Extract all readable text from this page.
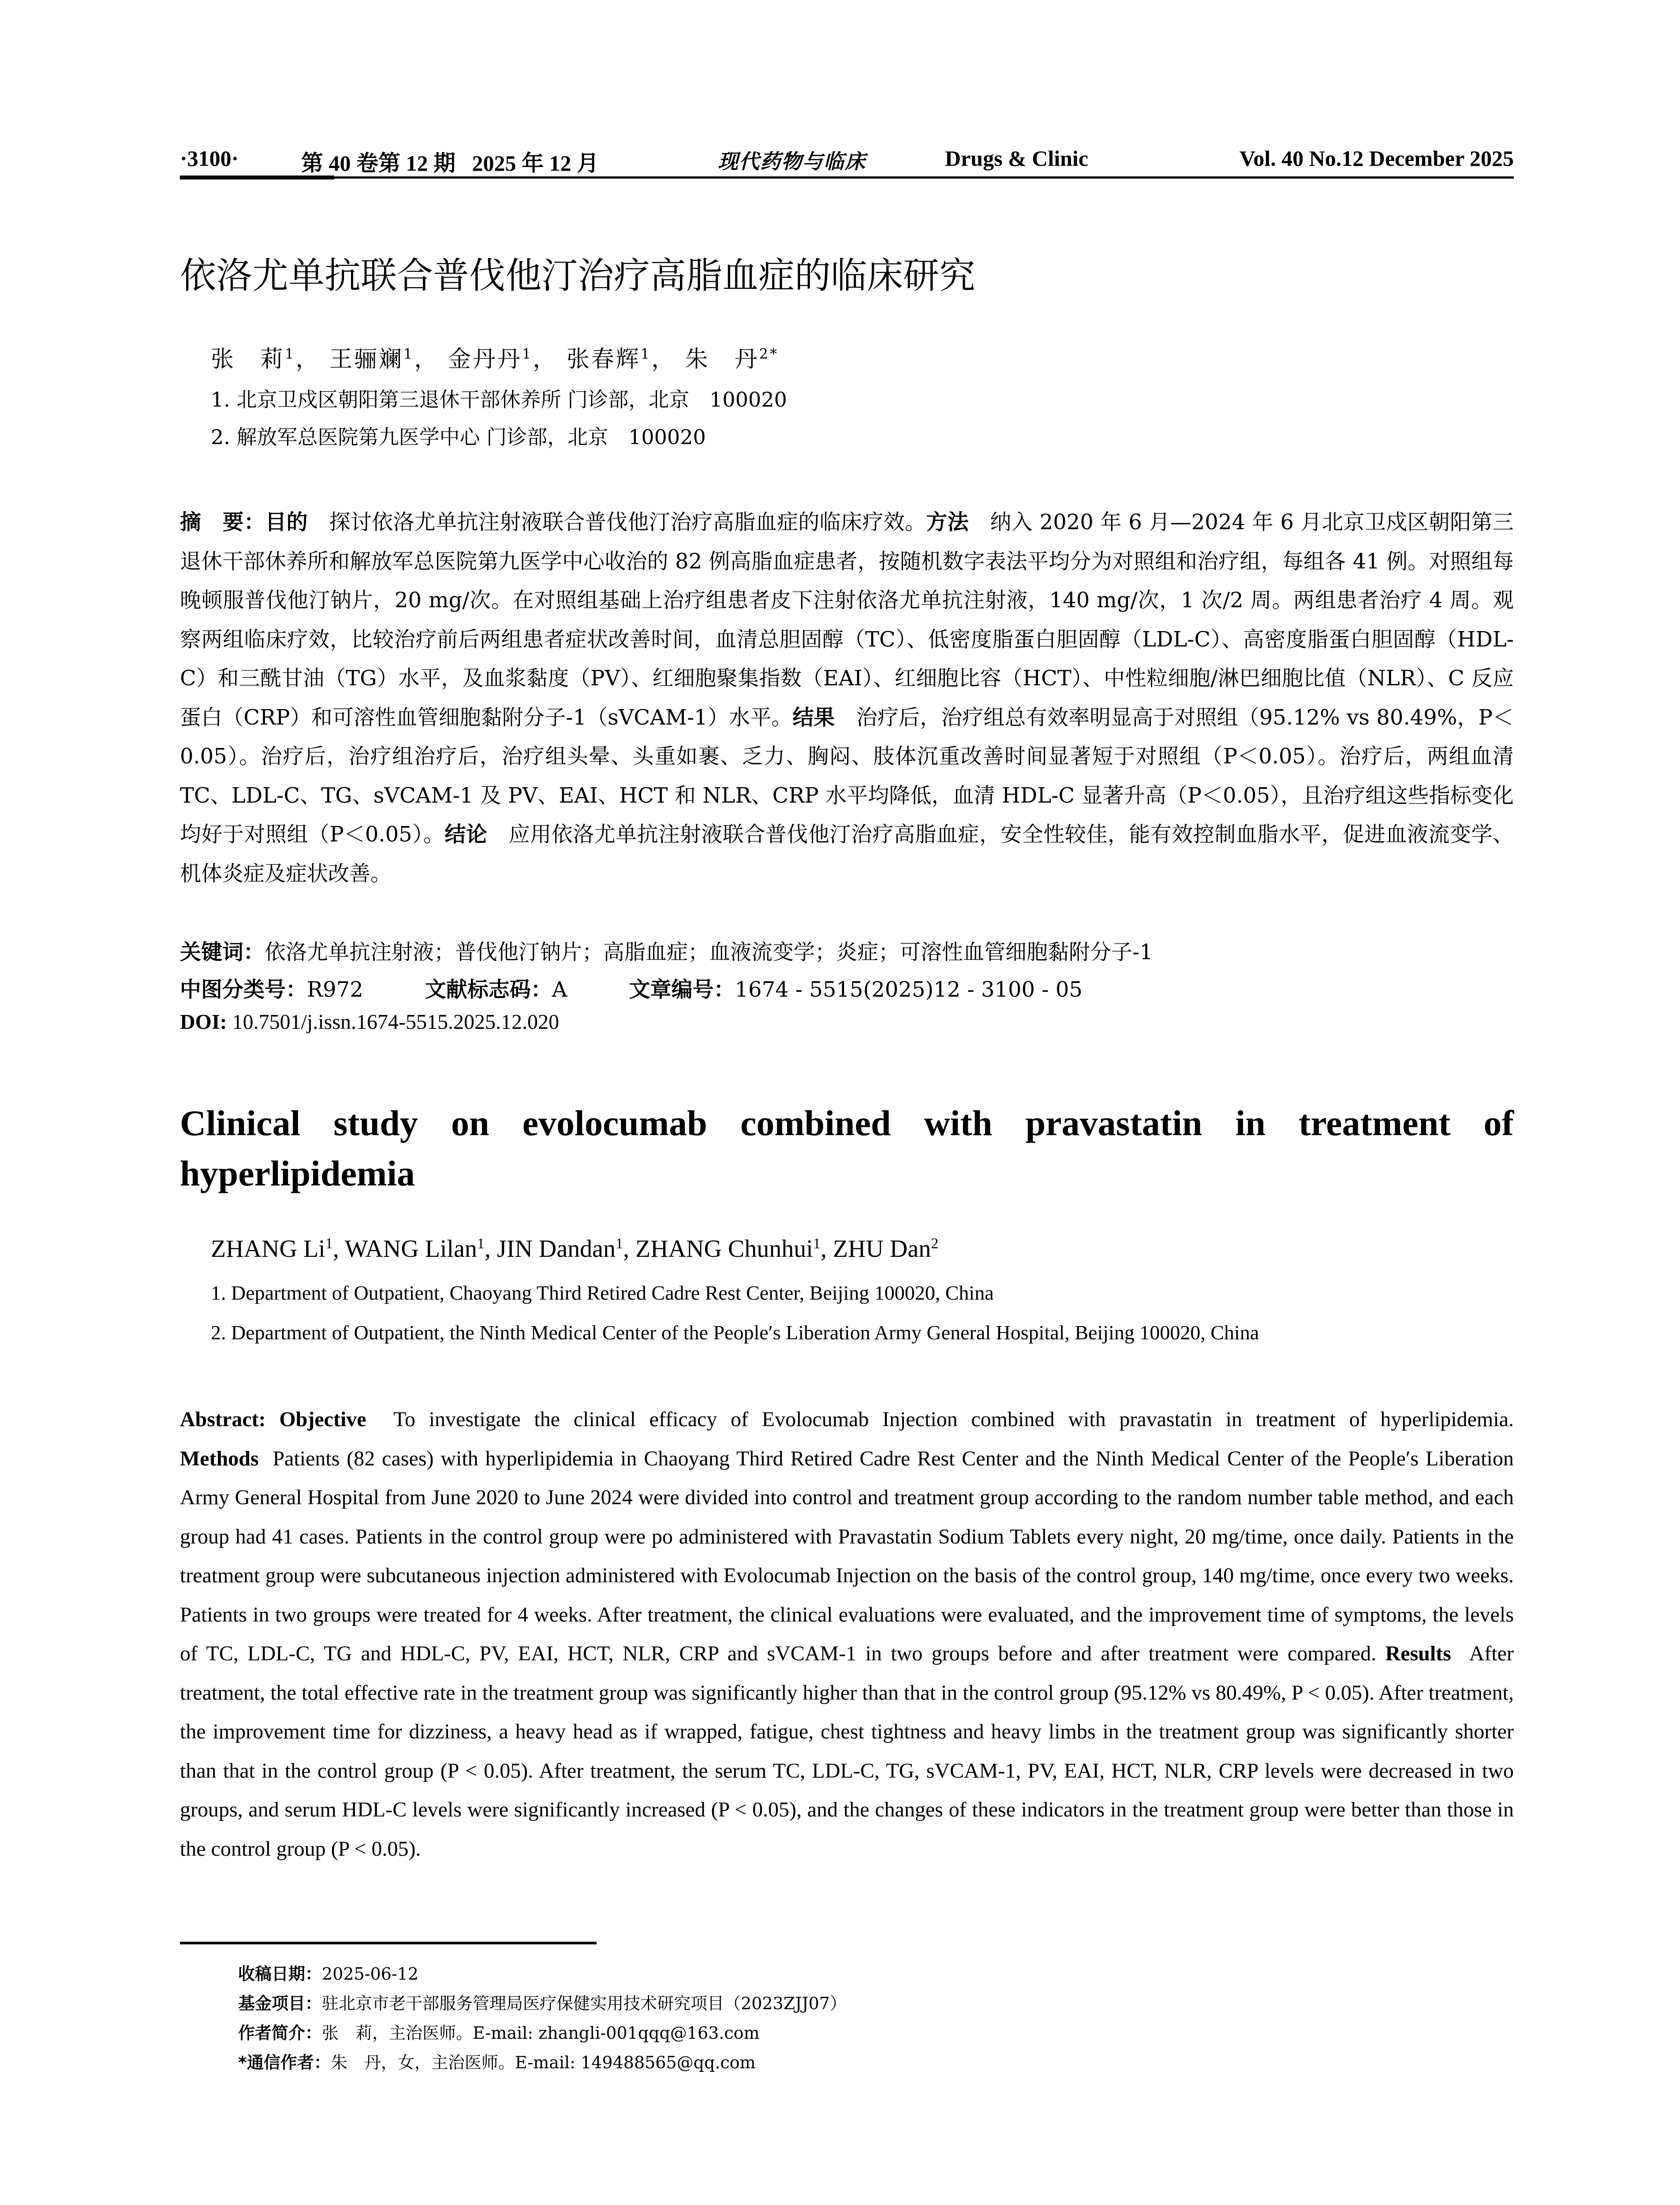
·3100·	第 40 卷第 12 期   2025 年 12 月	现代药物与临床	Drugs & Clinic	Vol. 40 No.12 December 2025
依洛尤单抗联合普伐他汀治疗高脂血症的临床研究
张　莉$^1$， 王骊斓$^1$， 金丹丹$^1$， 张春辉$^1$， 朱　丹$^{2*}$
1. 北京卫戍区朝阳第三退休干部休养所 门诊部，北京　100020
2. 解放军总医院第九医学中心 门诊部，北京　100020
摘　要：目的　 探讨依洛尤单抗注射液联合普伐他汀治疗高脂血症的临床疗效。方法　 纳入 2020 年 6 月—2024 年 6 月北京卫戍区朝阳第三退休干部休养所和解放军总医院第九医学中心收治的 82 例高脂血症患者，按随机数字表法平均分为对照组和治疗组，每组各 41 例。对照组每晚顿服普伐他汀钠片，20 mg/次。在对照组基础上治疗组患者皮下注射依洛尤单抗注射液，140 mg/次，1 次/2 周。两组患者治疗 4 周。观察两组临床疗效，比较治疗前后两组患者症状改善时间，血清总胆固醇（TC）、低密度脂蛋白胆固醇（LDL-C）、高密度脂蛋白胆固醇（HDL-C）和三酰甘油（TG）水平，及血浆黏度（PV）、红细胞聚集指数（EAI）、红细胞比容（HCT）、中性粒细胞/淋巴细胞比值（NLR）、C 反应蛋白（CRP）和可溶性血管细胞黏附分子-1（sVCAM-1）水平。结果　 治疗后，治疗组总有效率明显高于对照组（95.12% vs 80.49%，P＜0.05）。治疗后，治疗组治疗后，治疗组头晕、头重如裹、乏力、胸闷、肢体沉重改善时间显著短于对照组（P＜0.05）。治疗后，两组血清 TC、LDL-C、TG、sVCAM-1 及 PV、EAI、HCT 和 NLR、CRP 水平均降低，血清 HDL-C 显著升高（P＜0.05），且治疗组这些指标变化均好于对照组（P＜0.05）。结论　 应用依洛尤单抗注射液联合普伐他汀治疗高脂血症，安全性较佳，能有效控制血脂水平，促进血液流变学、机体炎症及症状改善。
关键词：依洛尤单抗注射液；普伐他汀钠片；高脂血症；血液流变学；炎症；可溶性血管细胞黏附分子-1
中图分类号：R972	文献标志码：A	文章编号：1674 - 5515(2025)12 - 3100 - 05
DOI: 10.7501/j.issn.1674-5515.2025.12.020
Clinical study on evolocumab combined with pravastatin in treatment of hyperlipidemia
ZHANG Li$^1$, WANG Lilan$^1$, JIN Dandan$^1$, ZHANG Chunhui$^1$, ZHU Dan$^2$
1. Department of Outpatient, Chaoyang Third Retired Cadre Rest Center, Beijing 100020, China
2. Department of Outpatient, the Ninth Medical Center of the People′s Liberation Army General Hospital, Beijing 100020, China
Abstract: Objective To investigate the clinical efficacy of Evolocumab Injection combined with pravastatin in treatment of hyperlipidemia. Methods Patients (82 cases) with hyperlipidemia in Chaoyang Third Retired Cadre Rest Center and the Ninth Medical Center of the People′s Liberation Army General Hospital from June 2020 to June 2024 were divided into control and treatment group according to the random number table method, and each group had 41 cases. Patients in the control group were po administered with Pravastatin Sodium Tablets every night, 20 mg/time, once daily. Patients in the treatment group were subcutaneous injection administered with Evolocumab Injection on the basis of the control group, 140 mg/time, once every two weeks. Patients in two groups were treated for 4 weeks. After treatment, the clinical evaluations were evaluated, and the improvement time of symptoms, the levels of TC, LDL-C, TG and HDL-C, PV, EAI, HCT, NLR, CRP and sVCAM-1 in two groups before and after treatment were compared. Results After treatment, the total effective rate in the treatment group was significantly higher than that in the control group (95.12% vs 80.49%, P < 0.05). After treatment, the improvement time for dizziness, a heavy head as if wrapped, fatigue, chest tightness and heavy limbs in the treatment group was significantly shorter than that in the control group (P < 0.05). After treatment, the serum TC, LDL-C, TG, sVCAM-1, PV, EAI, HCT, NLR, CRP levels were decreased in two groups, and serum HDL-C levels were significantly increased (P < 0.05), and the changes of these indicators in the treatment group were better than those in the control group (P < 0.05).
收稿日期：2025-06-12
基金项目：驻北京市老干部服务管理局医疗保健实用技术研究项目（2023ZJJ07）
作者简介：张　莉，主治医师。E-mail: zhangli-001qqq@163.com
*通信作者：朱　丹，女，主治医师。E-mail: 149488565@qq.com
